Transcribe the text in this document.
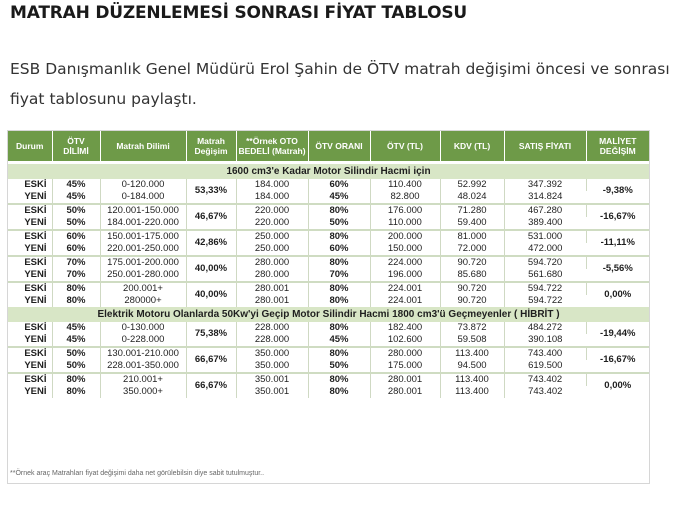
MATRAH DÜZENLEMESİ SONRASI FİYAT TABLOSU
ESB Danışmanlık Genel Müdürü Erol Şahin de ÖTV matrah değişimi öncesi ve sonrası fiyat tablosunu paylaştı.
Durum	ÖTV DİLİMİ	Matrah Dilimi	Matrah Değişim	**Örnek OTO BEDELİ (Matrah)	ÖTV ORANI	ÖTV (TL)	KDV (TL)	SATIŞ FİYATI	MALİYET DEĞİŞİM
1600 cm3'e Kadar Motor Silindir Hacmi için									
ESKİ	45%	0-120.000	53,33%	184.000	60%	110.400	52.992	347.392	-9,38%
YENİ	45%	0-184.000		184.000	45%	82.800	48.024	314.824	
ESKİ	50%	120.001-150.000	46,67%	220.000	80%	176.000	71.280	467.280	-16,67%
YENİ	50%	184.001-220.000		220.000	50%	110.000	59.400	389.400	
ESKİ	60%	150.001-175.000	42,86%	250.000	80%	200.000	81.000	531.000	-11,11%
YENİ	60%	220.001-250.000		250.000	60%	150.000	72.000	472.000	
ESKİ	70%	175.001-200.000	40,00%	280.000	80%	224.000	90.720	594.720	-5,56%
YENİ	70%	250.001-280.000		280.000	70%	196.000	85.680	561.680	
ESKİ	80%	200.001+	40,00%	280.001	80%	224.001	90.720	594.722	0,00%
YENİ	80%	280000+		280.001	80%	224.001	90.720	594.722	
Elektrik Motoru Olanlarda 50Kw'yi Geçip Motor Silindir Hacmi 1800 cm3'ü Geçmeyenler ( HİBRİT )									
ESKİ	45%	0-130.000	75,38%	228.000	80%	182.400	73.872	484.272	-19,44%
YENİ	45%	0-228.000		228.000	45%	102.600	59.508	390.108	
ESKİ	50%	130.001-210.000	66,67%	350.000	80%	280.000	113.400	743.400	-16,67%
YENİ	50%	228.001-350.000		350.000	50%	175.000	94.500	619.500	
ESKİ	80%	210.001+	66,67%	350.001	80%	280.001	113.400	743.402	0,00%
YENİ	80%	350.000+		350.001	80%	280.001	113.400	743.402	
**Örnek araç Matrahları fiyat değişimi daha net görülebilsin diye sabit tutulmuştur..
